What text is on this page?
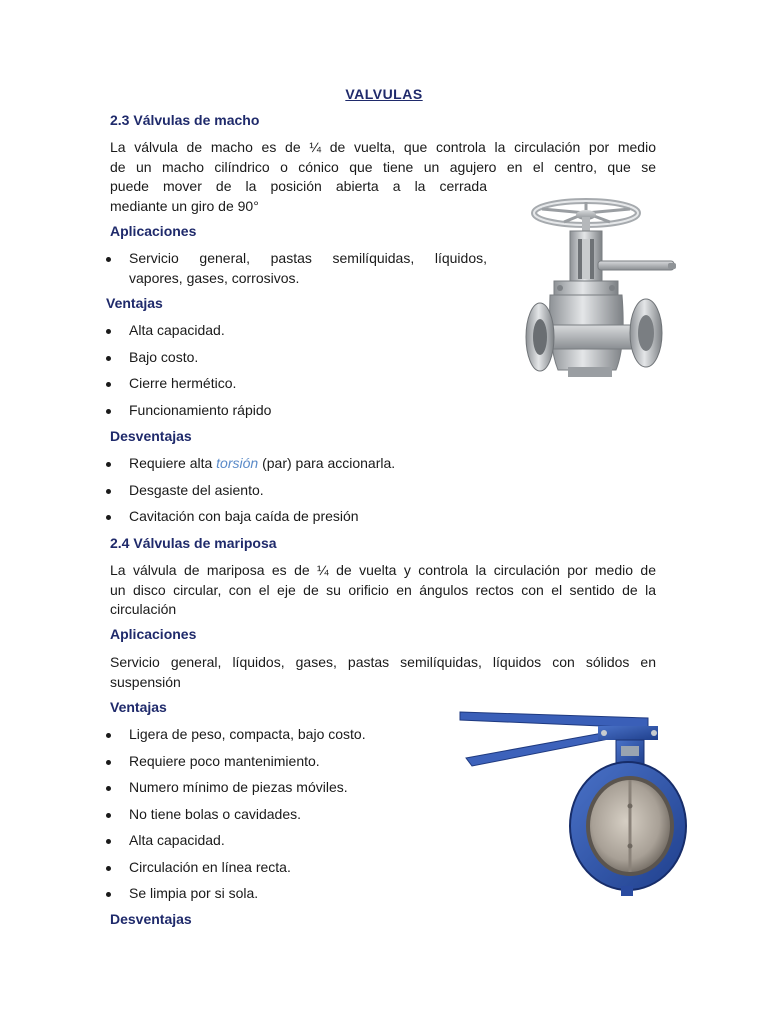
VALVULAS
2.3 Válvulas de macho
La válvula de macho es de ¼ de vuelta, que controla la circulación por medio
de un macho cilíndrico o cónico que tiene un agujero en el centro, que se
puede mover de la posición abierta a la cerrada
mediante un giro de 90°
Aplicaciones
Servicio general, pastas semilíquidas, líquidos,
vapores, gases, corrosivos.
Ventajas
Alta capacidad.
Bajo costo.
Cierre hermético.
Funcionamiento rápido
Desventajas
Requiere alta torsión (par) para accionarla.
Desgaste del asiento.
Cavitación con baja caída de presión
2.4 Válvulas de mariposa
La válvula de mariposa es de ¼ de vuelta y controla la circulación por medio de
un disco circular, con el eje de su orificio en ángulos rectos con el sentido de la
circulación
Aplicaciones
Servicio general, líquidos, gases, pastas semilíquidas, líquidos con sólidos en
suspensión
Ventajas
Ligera de peso, compacta, bajo costo.
Requiere poco mantenimiento.
Numero mínimo de piezas móviles.
No tiene bolas o cavidades.
Alta capacidad.
Circulación en línea recta.
Se limpia por si sola.
Desventajas
